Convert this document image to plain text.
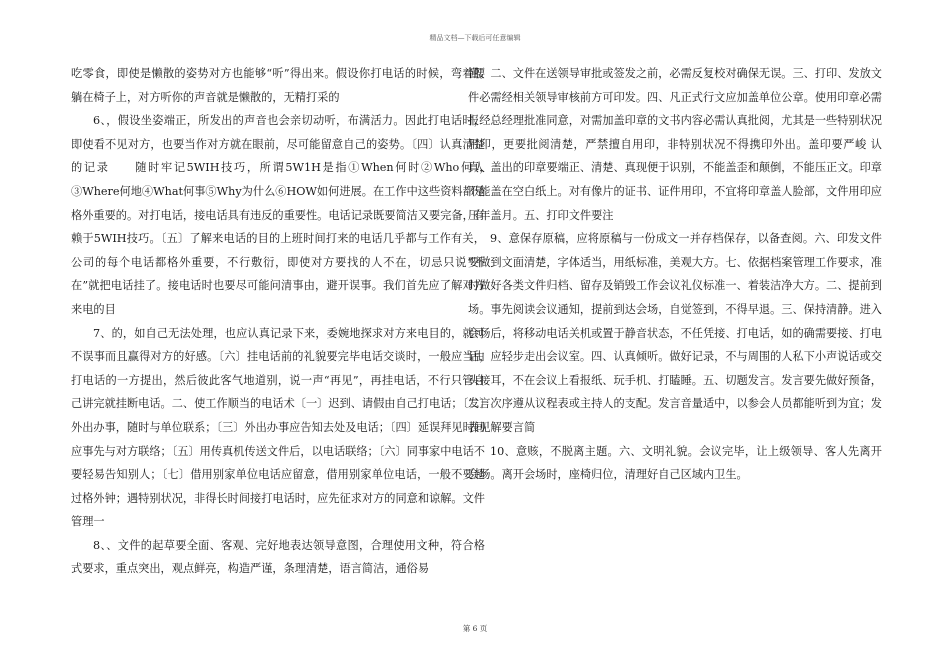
精品文档—下载后可任意编辑

吃零食，即使是懒散的姿势对方也能够“听”得出来。假设你打电话的时候，弯着腰躺在椅子上，对方听你的声音就是懒散的，无精打采的

6、，假设坐姿端正，所发出的声音也会亲切动听，布满活力。因此打电话时，即使看不见对方，也要当作对方就在眼前，尽可能留意自己的姿势。〔四〕认真清楚的记录　　随时牢记5WIH技巧，所谓5W1H是指①When何时②Who何人③Where何地④What何事⑤Why为什么⑥HOW如何进展。在工作中这些资料都是格外重要的。对打电话，接电话具有违反的重要性。电话记录既要简洁又要完备，有赖于5WIH技巧。〔五〕了解来电话的目的上班时间打来的电话几乎都与工作有关，公司的每个电话都格外重要，不行敷衍，即使对方要找的人不在，切忌只说“不在”就把电话挂了。接电话时也要尽可能问清事由，避开误事。我们首先应了解对方来电的目

7、的，如自己无法处理，也应认真记录下来，委婉地探求对方来电目的，就可不误事而且赢得对方的好感。〔六〕挂电话前的礼貌要完毕电话交谈时，一般应当由打电话的一方提出，然后彼此客气地道别，说一声“再见”，再挂电话，不行只管自己讲完就挂断电话。二、使工作顺当的电话术〔一〕迟到、请假由自己打电话；〔二〕外出办事，随时与单位联系；〔三〕外出办事应告知去处及电话；〔四〕延误拜见时间应事先与对方联络；〔五〕用传真机传送文件后，以电话联络；〔六〕同事家中电话不要轻易告知别人；〔七〕借用别家单位电话应留意，借用别家单位电话，一般不要超过格外钟；遇特别状况，非得长时间接打电话时，应先征求对方的同意和谅解。文件管理一

8、、文件的起草要全面、客观、完好地表达领导意图，合理使用文种，符合格式要求，重点突出，观点鲜亮，构造严谨，条理清楚，语言简洁，通俗易

懂。二、文件在送领导审批或签发之前，必需反复校对确保无误。三、打印、发放文件必需经相关领导审核前方可印发。四、凡正式行文应加盖单位公章。使用印章必需报经总经理批准同意，对需加盖印章的文书内容必需认真批阅，尤其是一些特别状况用印，更要批阅清楚，严禁擅自用印，非特别状况不得携印外出。盖印要严峻 认真，盖出的印章要端正、清楚、真现便于识别，不能盖歪和颠倒，不能压正文。印章不能盖在空白纸上。对有像片的证书、证件用印，不宜将印章盖人脸部，文件用印应压年盖月。五、打印文件要注

9、意保存原稿，应将原稿与一份成文一并存档保存，以备查阅。六、印发文件要做到文面清楚，字体适当，用纸标准，美观大方。七、依据档案管理工作要求，准时做好各类文件归档、留存及销毁工作会议礼仪标准一、着装洁净大方。二、提前到场。事先阅读会议通知，提前到达会场，自觉签到，不得早退。三、保持清静。进入会场后，将移动电话关机或置于静音状态，不任凭接、打电话，如的确需要接、打电话，应轻步走出会议室。四、认真倾听。做好记录，不与周围的人私下小声说话或交头接耳，不在会议上看报纸、玩手机、打瞌睡。五、切题发言。发言要先做好预备，发言次序遵从议程表或主持人的支配。发言音量适中，以参会人员都能听到为宜；发表见解要言简

10、意赅，不脱离主题。六、文明礼貌。会议完毕，让上级领导、客人先离开会场。离开会场时，座椅归位，清理好自己区域内卫生。

第 6 页
